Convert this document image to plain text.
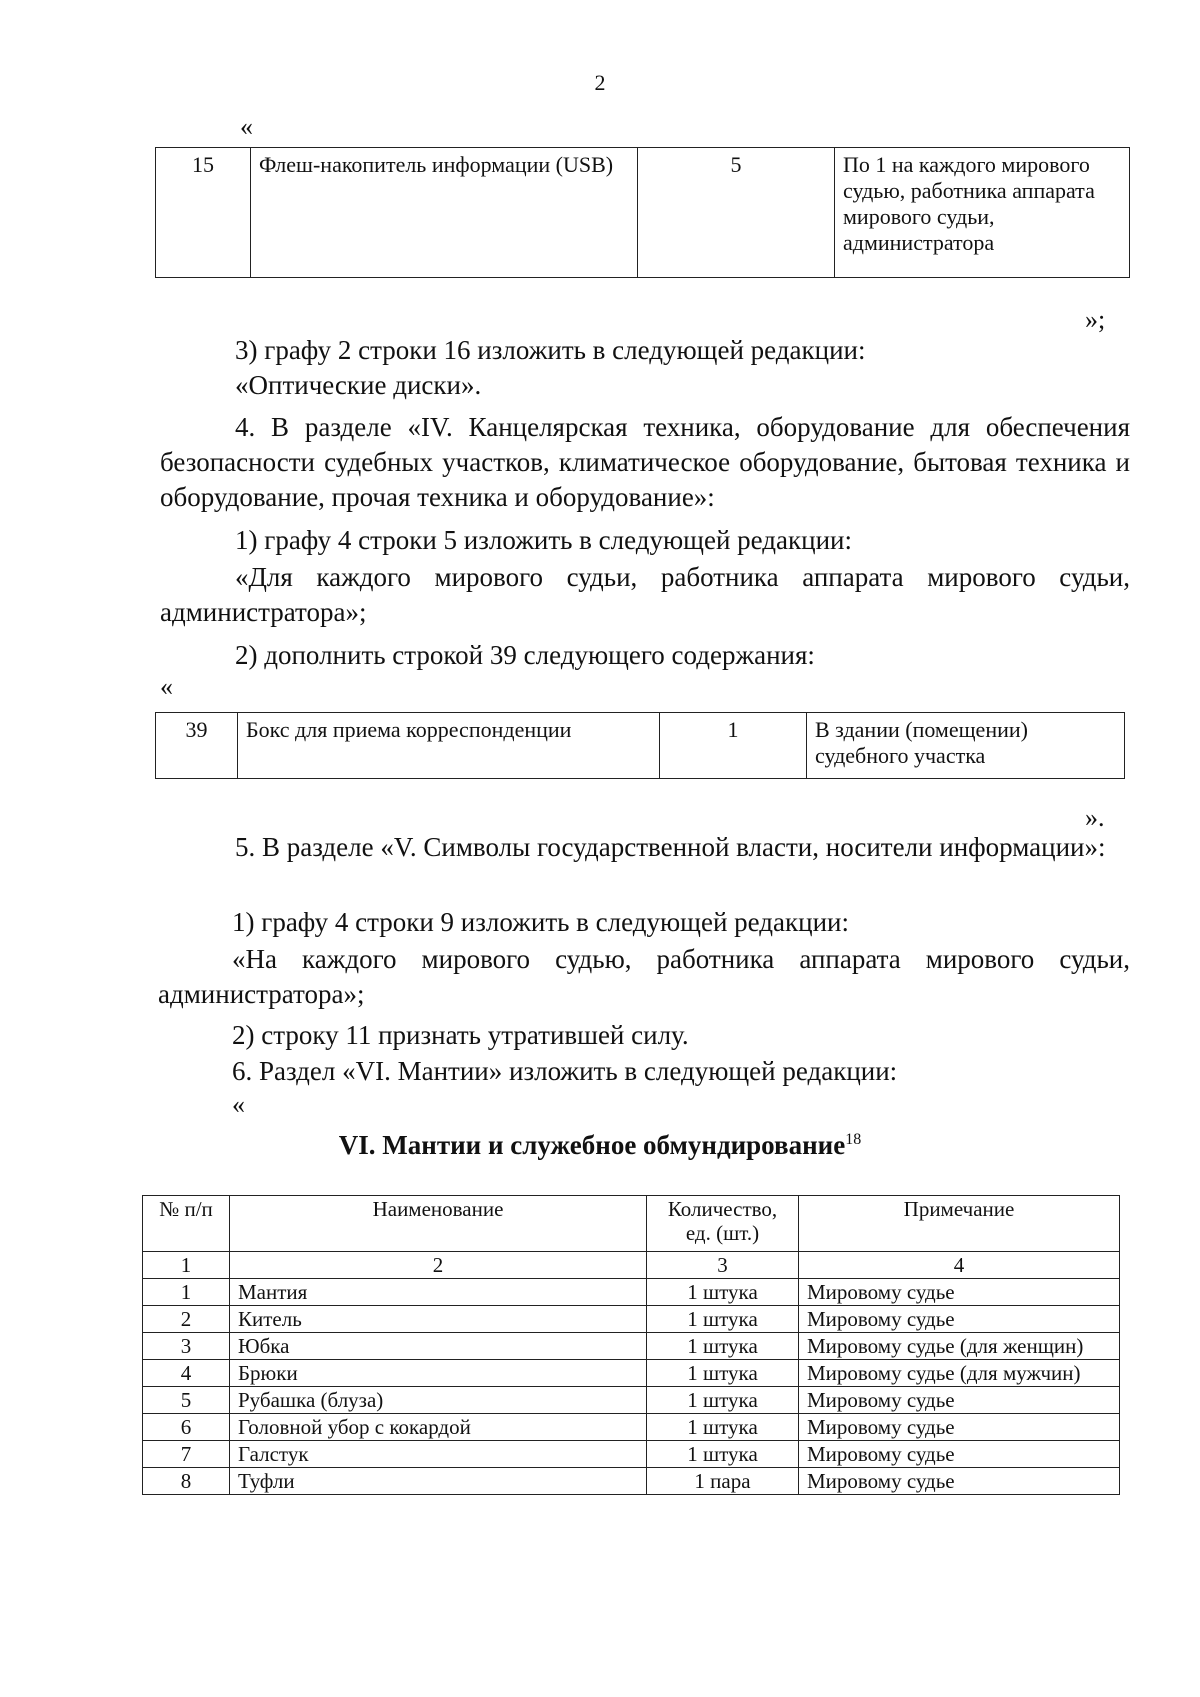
2
«
15	Флеш-накопитель информации (USB)	5	По 1 на каждого мирового судью, работника аппарата мирового судьи, администратора
»;
3) графу 2 строки 16 изложить в следующей редакции:
«Оптические диски».
4. В разделе «IV. Канцелярская техника, оборудование для обеспечения безопасности судебных участков, климатическое оборудование, бытовая техника и оборудование, прочая техника и оборудование»:
1) графу 4 строки 5 изложить в следующей редакции:
«Для каждого мирового судьи, работника аппарата мирового судьи, администратора»;
2) дополнить строкой 39 следующего содержания:
«
39	Бокс для приема корреспонденции	1	В здании (помещении) судебного участка
».
5. В разделе «V. Символы государственной власти, носители информации»:
1) графу 4 строки 9 изложить в следующей редакции:
«На каждого мирового судью, работника аппарата мирового судьи, администратора»;
2) строку 11 признать утратившей силу.
6. Раздел «VI. Мантии» изложить в следующей редакции:
«
VI. Мантии и служебное обмундирование$^{18}$
№ п/п	Наименование	Количество, ед. (шт.)	Примечание
1	2	3	4
1	Мантия	1 штука	Мировому судье
2	Китель	1 штука	Мировому судье
3	Юбка	1 штука	Мировому судье (для женщин)
4	Брюки	1 штука	Мировому судье (для мужчин)
5	Рубашка (блуза)	1 штука	Мировому судье
6	Головной убор с кокардой	1 штука	Мировому судье
7	Галстук	1 штука	Мировому судье
8	Туфли	1 пара	Мировому судье
